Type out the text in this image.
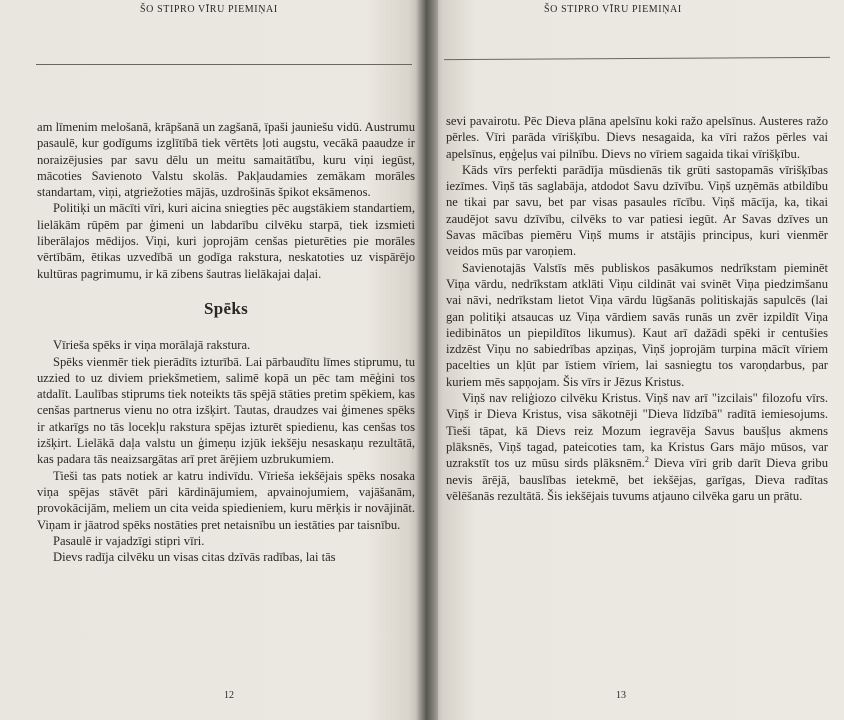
ŠO STIPRO VĪRU PIEMIŅAI

am līmenim melošanā, krāpšanā un zagšanā, īpaši jauniešu vidū. Austrumu pasaulē, kur godīgums izglītībā tiek vērtēts ļoti augstu, vecākā paaudze ir noraizējusies par savu dēlu un meitu samaitātību, kuru viņi iegūst, mācoties Savienoto Valstu skolās. Pakļaudamies zemākam morāles standartam, viņi, atgriežoties mājās, uzdrošinās špikot eksāmenos.

Politiķi un mācīti vīri, kuri aicina sniegties pēc augstākiem standartiem, lielākām rūpēm par ģimeni un labdarību cilvēku starpā, tiek izsmieti liberālajos mēdijos. Viņi, kuri joprojām cenšas pieturēties pie morāles vērtībām, ētikas uzvedībā un godīga rakstura, neskatoties uz vispārējo kultūras pagrimumu, ir kā zibens šautras lielākajai daļai.

Spēks

Vīrieša spēks ir viņa morālajā rakstura.

Spēks vienmēr tiek pierādīts izturībā. Lai pārbaudītu līmes stiprumu, tu uzzied to uz diviem priekšmetiem, salimē kopā un pēc tam mēģini tos atdalīt. Laulības stiprums tiek noteikts tās spējā stāties pretim spēkiem, kas cenšas partnerus vienu no otra izšķirt. Tautas, draudzes vai ģimenes spēks ir atkarīgs no tās locekļu rakstura spējas izturēt spiedienu, kas cenšas tos izšķirt. Lielākā daļa valstu un ģimeņu izjūk iekšēju nesaskaņu rezultātā, kas padara tās neaizsargātas arī pret ārējiem uzbrukumiem.

Tieši tas pats notiek ar katru indivīdu. Vīrieša iekšējais spēks nosaka viņa spējas stāvēt pāri kārdinājumiem, apvainojumiem, vajāšanām, provokācijām, meliem un cita veida spiedieniem, kuru mērķis ir novājināt. Viņam ir jāatrod spēks nostāties pret netaisnību un iestāties par taisnību.

Pasaulē ir vajadzīgi stipri vīri.

Dievs radīja cilvēku un visas citas dzīvās radības, lai tās

12
ŠO STIPRO VĪRU PIEMIŅAI

sevi pavairotu. Pēc Dieva plāna apelsīnu koki ražo apelsīnus. Austeres ražo pērles. Vīri parāda vīrišķību. Dievs nesagaida, ka vīri ražos pērles vai apelsīnus, eņģeļus vai pilnību. Dievs no vīriem sagaida tikai vīrišķību.

Kāds vīrs perfekti parādīja mūsdienās tik grūti sastopamās vīrišķības iezīmes. Viņš tās saglabāja, atdodot Savu dzīvību. Viņš uzņēmās atbildību ne tikai par savu, bet par visas pasaules rīcību. Viņš mācīja, ka, tikai zaudējot savu dzīvību, cilvēks to var patiesi iegūt. Ar Savas dzīves un Savas mācības piemēru Viņš mums ir atstājis principus, kuri vienmēr veidos mūs par varoņiem.

Savienotajās Valstīs mēs publiskos pasākumos nedrīkstam pieminēt Viņa vārdu, nedrīkstam atklāti Viņu cildināt vai svinēt Viņa piedzimšanu vai nāvi, nedrīkstam lietot Viņa vārdu lūgšanās politiskajās sapulcēs (lai gan politiķi atsaucas uz Viņa vārdiem savās runās un zvēr izpildīt Viņa iedibinātos un piepildītos likumus). Kaut arī dažādi spēki ir centušies izdzēst Viņu no sabiedrības apziņas, Viņš joprojām turpina mācīt vīriem pacelties un kļūt par īstiem vīriem, lai sasniegtu tos varoņdarbus, par kuriem mēs sapņojam. Šis vīrs ir Jēzus Kristus.

Viņš nav reliģiozo cilvēku Kristus. Viņš nav arī "izcilais" filozofu vīrs. Viņš ir Dieva Kristus, visa sākotnēji "Dieva līdzībā" radītā iemiesojums. Tieši tāpat, kā Dievs reiz Mozum iegravēja Savus baušļus akmens plāksnēs, Viņš tagad, pateicoties tam, ka Kristus Gars mājo mūsos, var uzrakstīt tos uz mūsu sirds plāksnēm.$^2$ Dieva vīri grib darīt Dieva gribu nevis ārējā, bauslības ietekmē, bet iekšējas, garīgas, Dieva radītas vēlēšanās rezultātā. Šis iekšējais tuvums atjauno cilvēka garu un prātu.

13
